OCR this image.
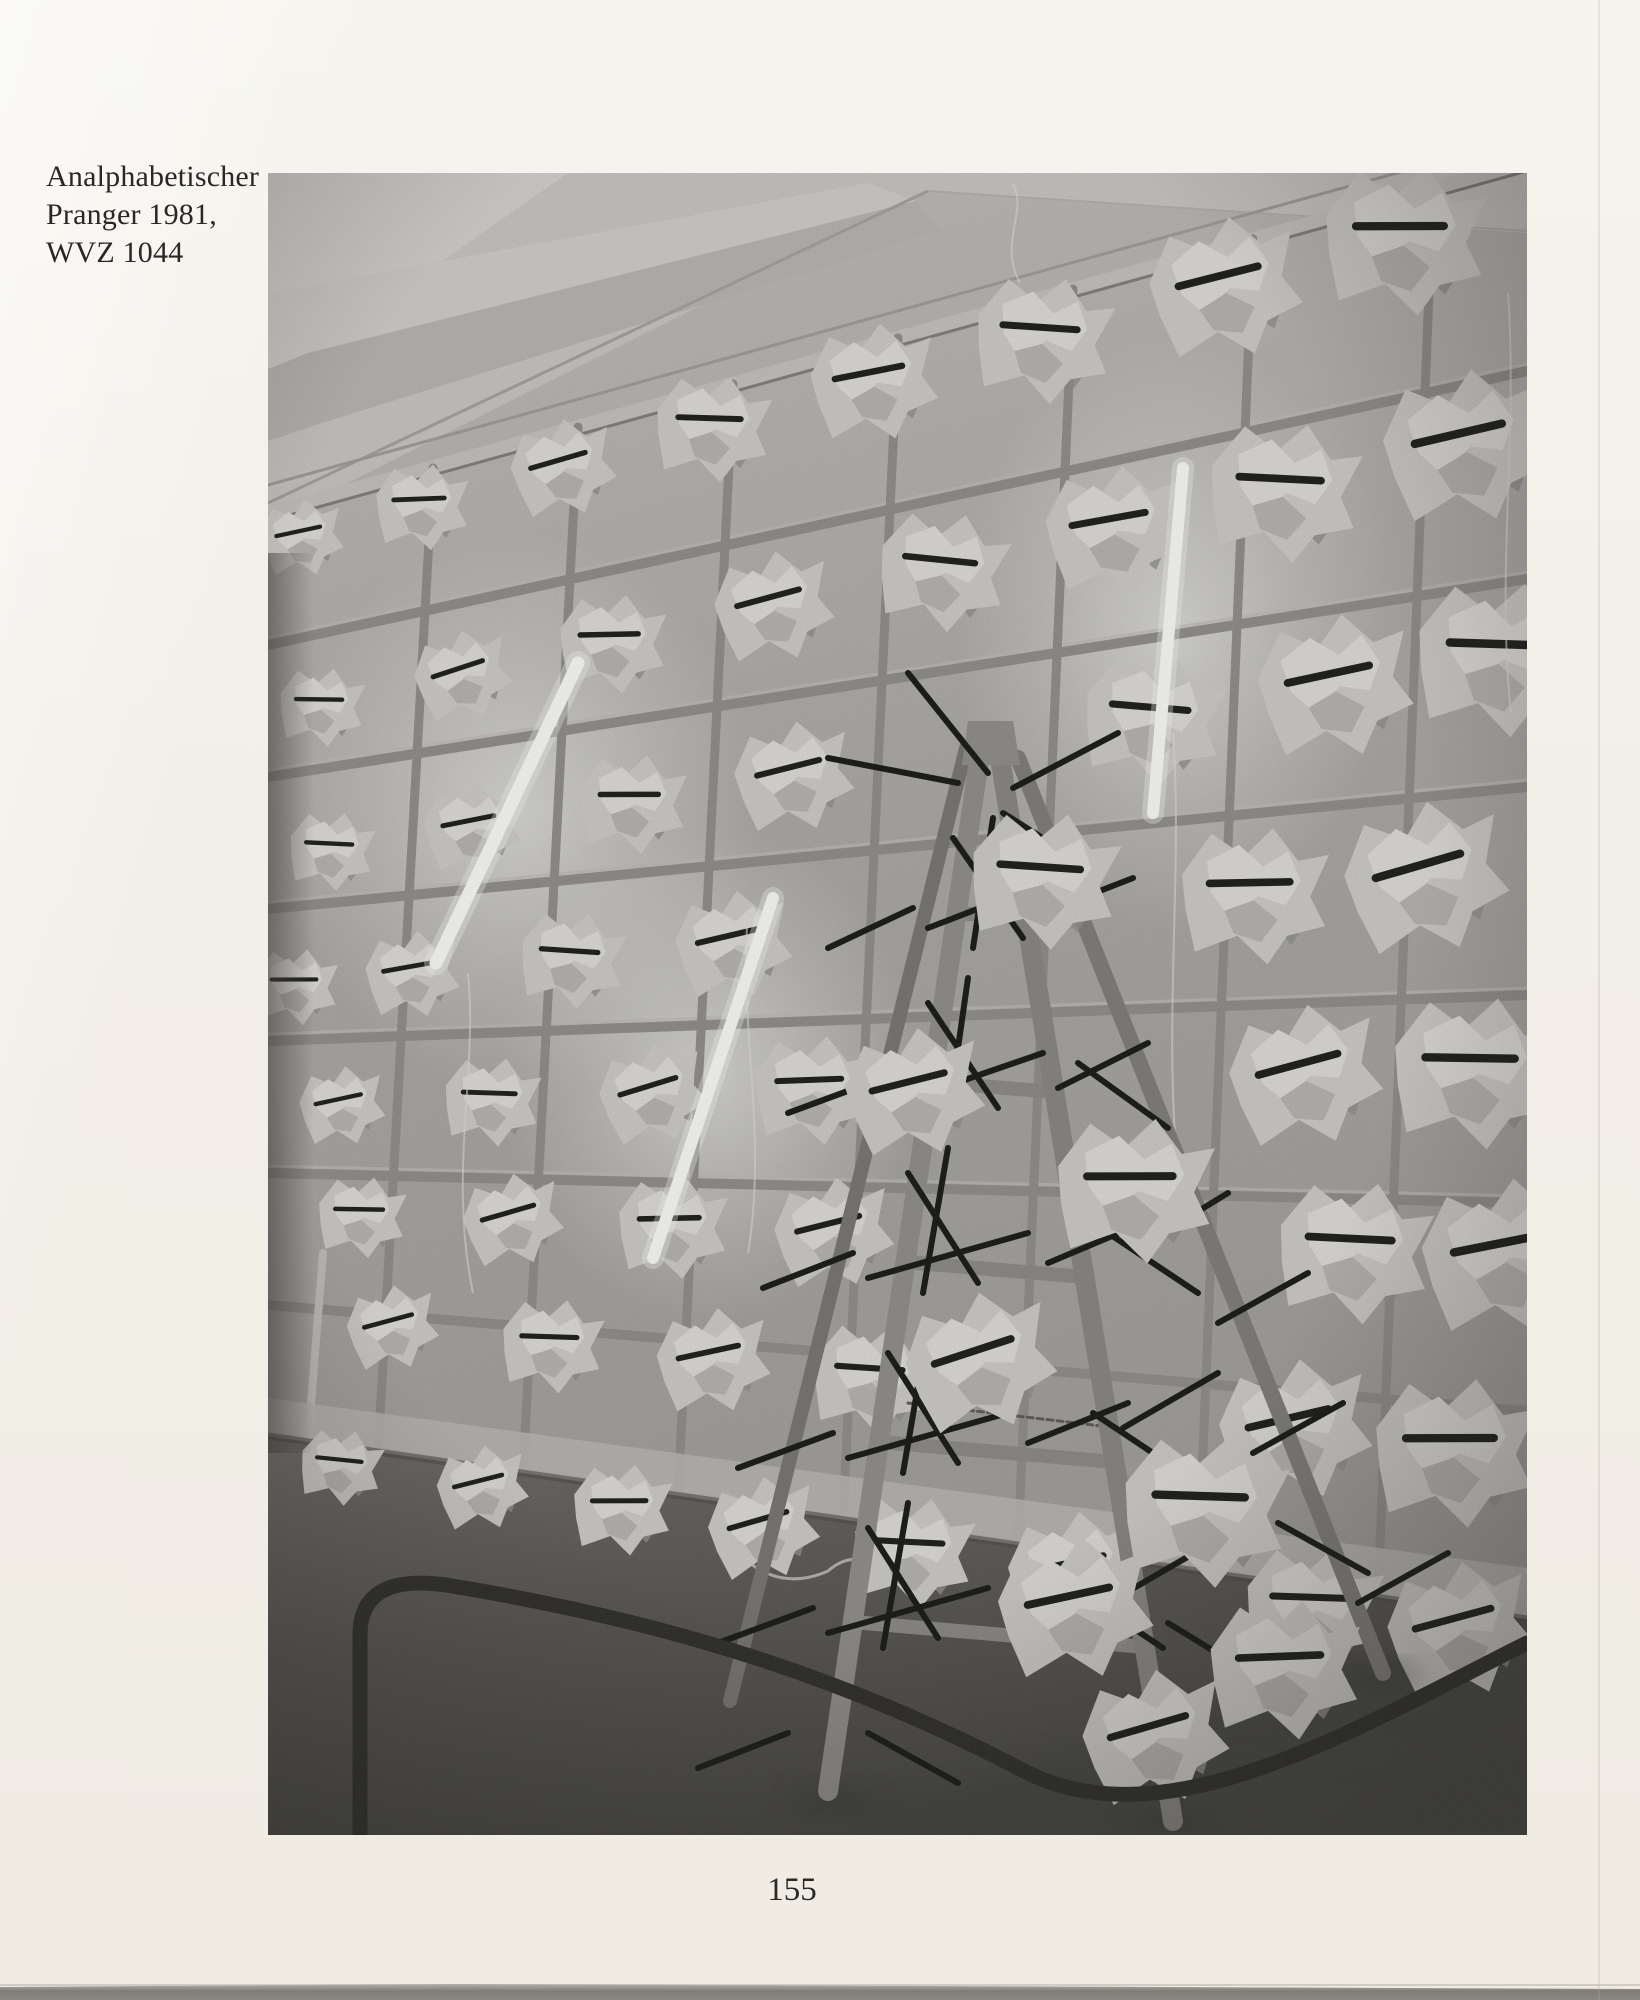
Analphabetischer
Pranger 1981,
WVZ 1044
155
